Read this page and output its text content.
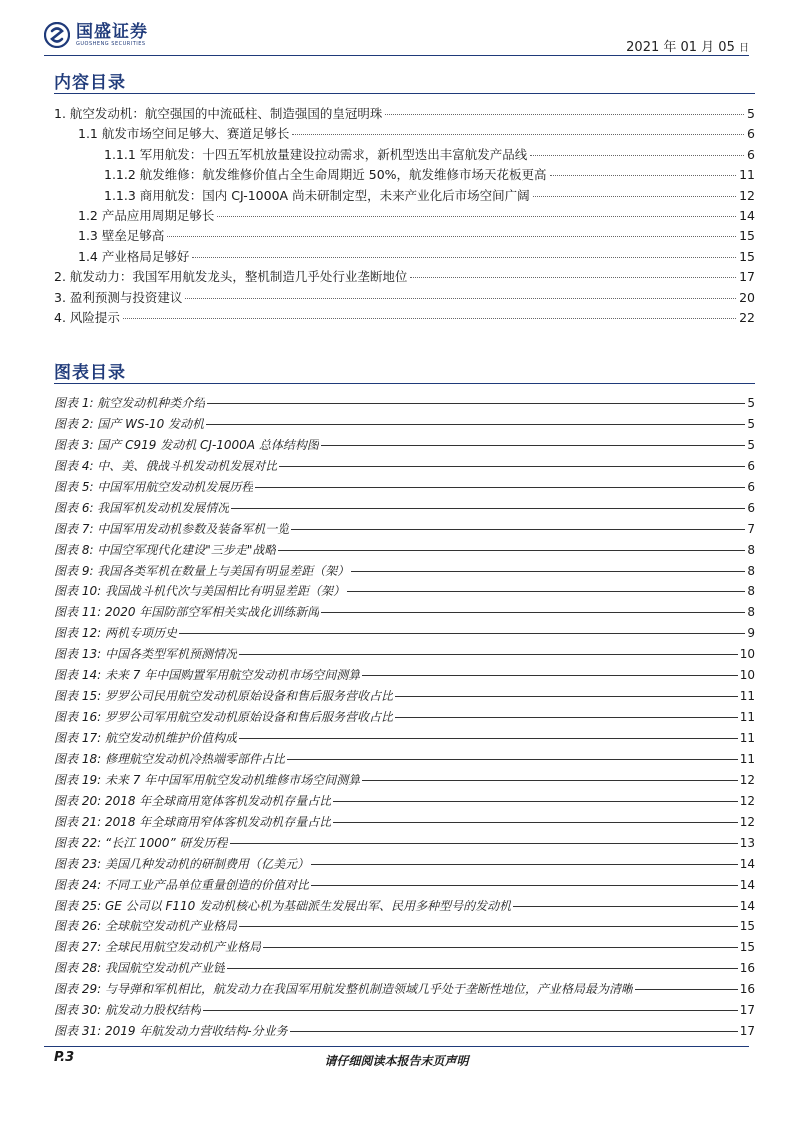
国盛证券
GUOSHENG SECURITIES	2021 年 01 月 05 日
内容目录
1. 航空发动机：航空强国的中流砥柱、制造强国的皇冠明珠	5
1.1 航发市场空间足够大、赛道足够长	6
1.1.1 军用航发：十四五军机放量建设拉动需求，新机型迭出丰富航发产品线	6
1.1.2 航发维修：航发维修价值占全生命周期近 50%，航发维修市场天花板更高	11
1.1.3 商用航发：国内 CJ-1000A 尚未研制定型，未来产业化后市场空间广阔	12
1.2 产品应用周期足够长	14
1.3 壁垒足够高	15
1.4 产业格局足够好	15
2. 航发动力：我国军用航发龙头，整机制造几乎处行业垄断地位	17
3. 盈利预测与投资建议	20
4. 风险提示	22
图表目录
图表 1: 航空发动机种类介绍	5
图表 2: 国产 WS-10 发动机	5
图表 3: 国产 C919 发动机 CJ-1000A 总体结构图	5
图表 4: 中、美、俄战斗机发动机发展对比	6
图表 5: 中国军用航空发动机发展历程	6
图表 6: 我国军机发动机发展情况	6
图表 7: 中国军用发动机参数及装备军机一览	7
图表 8: 中国空军现代化建设"三步走"战略	8
图表 9: 我国各类军机在数量上与美国有明显差距（架）	8
图表 10: 我国战斗机代次与美国相比有明显差距（架）	8
图表 11: 2020 年国防部空军相关实战化训练新闻	8
图表 12: 两机专项历史	9
图表 13: 中国各类型军机预测情况	10
图表 14: 未来 7 年中国购置军用航空发动机市场空间测算	10
图表 15: 罗罗公司民用航空发动机原始设备和售后服务营收占比	11
图表 16: 罗罗公司军用航空发动机原始设备和售后服务营收占比	11
图表 17: 航空发动机维护价值构成	11
图表 18: 修理航空发动机冷热端零部件占比	11
图表 19: 未来 7 年中国军用航空发动机维修市场空间测算	12
图表 20: 2018 年全球商用宽体客机发动机存量占比	12
图表 21: 2018 年全球商用窄体客机发动机存量占比	12
图表 22: “长江 1000” 研发历程	13
图表 23: 美国几种发动机的研制费用（亿美元）	14
图表 24: 不同工业产品单位重量创造的价值对比	14
图表 25: GE 公司以 F110 发动机核心机为基础派生发展出军、民用多种型号的发动机	14
图表 26: 全球航空发动机产业格局	15
图表 27: 全球民用航空发动机产业格局	15
图表 28: 我国航空发动机产业链	16
图表 29: 与导弹和军机相比，航发动力在我国军用航发整机制造领域几乎处于垄断性地位，产业格局最为清晰	16
图表 30: 航发动力股权结构	17
图表 31: 2019 年航发动力营收结构-分业务	17
P.3	请仔细阅读本报告末页声明
